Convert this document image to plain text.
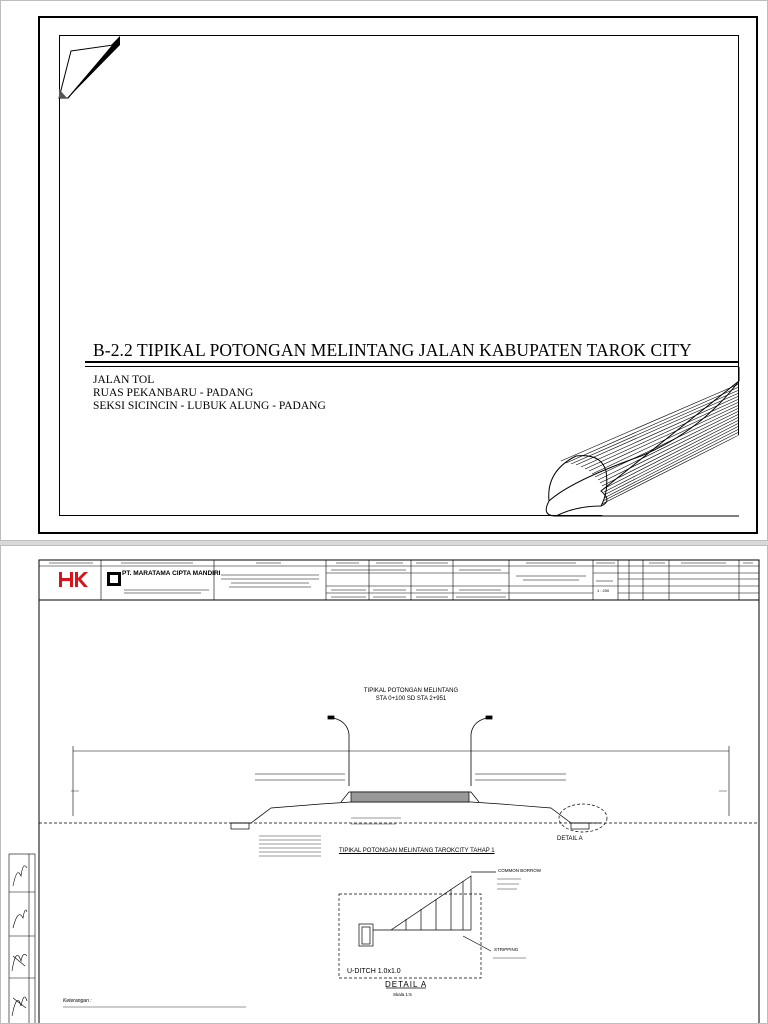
B-2.2 TIPIKAL POTONGAN MELINTANG JALAN KABUPATEN TAROK CITY
JALAN TOL
RUAS PEKANBARU - PADANG
SEKSI SICINCIN - LUBUK ALUNG - PADANG
PT. MARATAMA CIPTA MANDIRI
1 : 200
TIPIKAL POTONGAN MELINTANG
STA 0+100 SD STA 2+951
TIPIKAL POTONGAN MELINTANG TAROKCITY TAHAP 1
DETAIL A
COMMON BORROW
STRIPPING
U-DITCH 1.0x1.0
DETAIL A
Skala 1:5
Keterangan :
